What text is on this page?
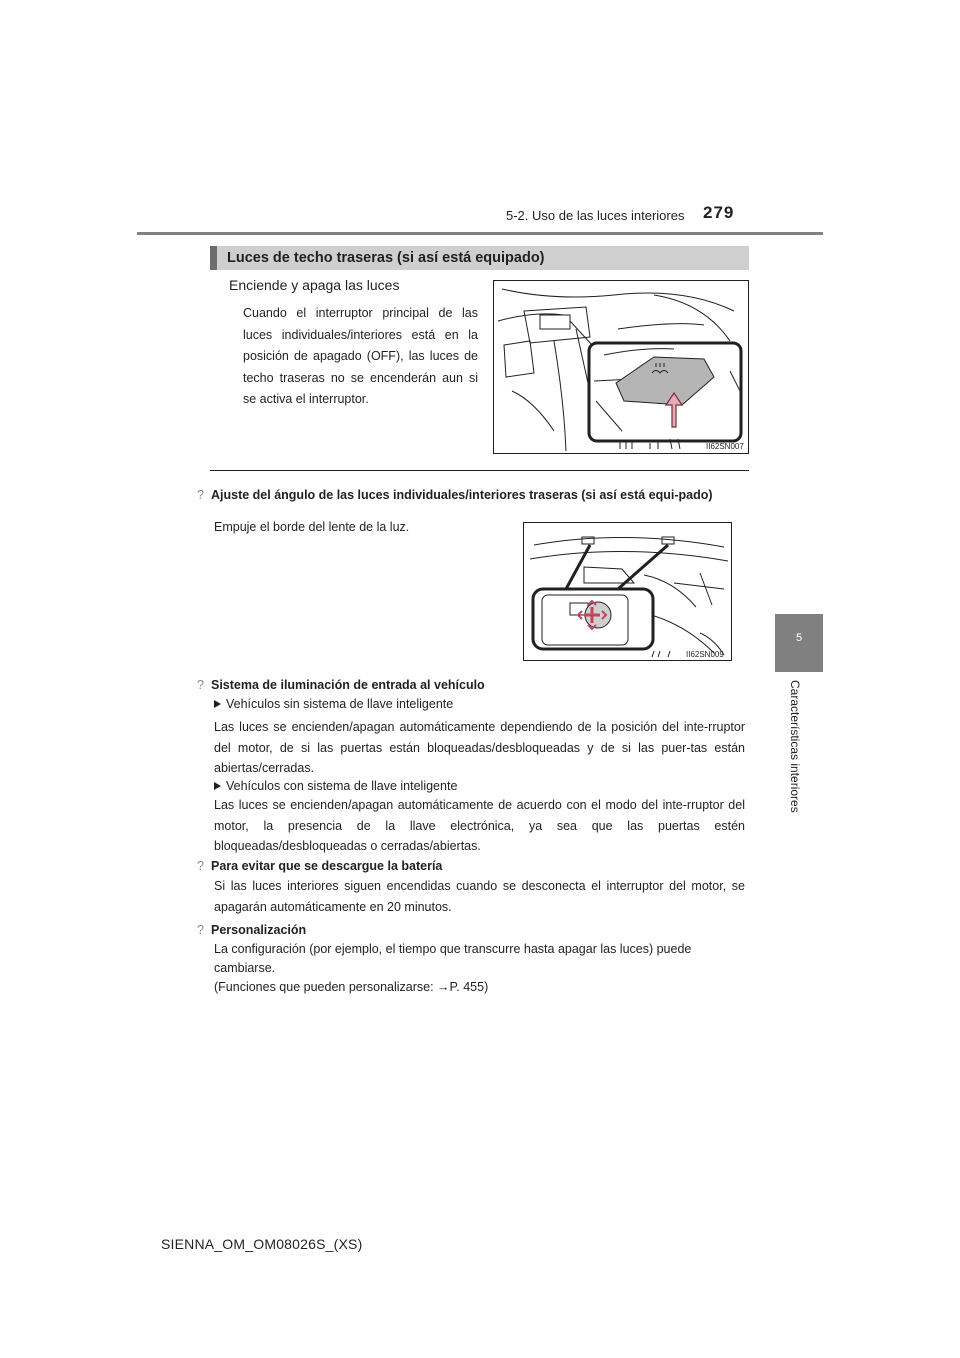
5-2. Uso de las luces interiores 279
5
Características interiores
Luces de techo traseras (si así está equipado)
Enciende y apaga las luces
Cuando el interruptor principal de las luces individuales/interiores está en la posición de apagado (OFF), las luces de techo traseras no se encenderán aun si se activa el interruptor.
II62SN007
? Ajuste del ángulo de las luces individuales/interiores traseras (si así está equi-pado)
Empuje el borde del lente de la luz.
II62SN009
? Sistema de iluminación de entrada al vehículo
Vehículos sin sistema de llave inteligente
Las luces se encienden/apagan automáticamente dependiendo de la posición del inte-rruptor del motor, de si las puertas están bloqueadas/desbloqueadas y de si las puer-tas están abiertas/cerradas.
Vehículos con sistema de llave inteligente
Las luces se encienden/apagan automáticamente de acuerdo con el modo del inte-rruptor del motor, la presencia de la llave electrónica, ya sea que las puertas estén bloqueadas/desbloqueadas o cerradas/abiertas.
? Para evitar que se descargue la batería
Si las luces interiores siguen encendidas cuando se desconecta el interruptor del motor, se apagarán automáticamente en 20 minutos.
? Personalización
La configuración (por ejemplo, el tiempo que transcurre hasta apagar las luces) puede
cambiarse.
(Funciones que pueden personalizarse: →P. 455)
SIENNA_OM_OM08026S_(XS)
